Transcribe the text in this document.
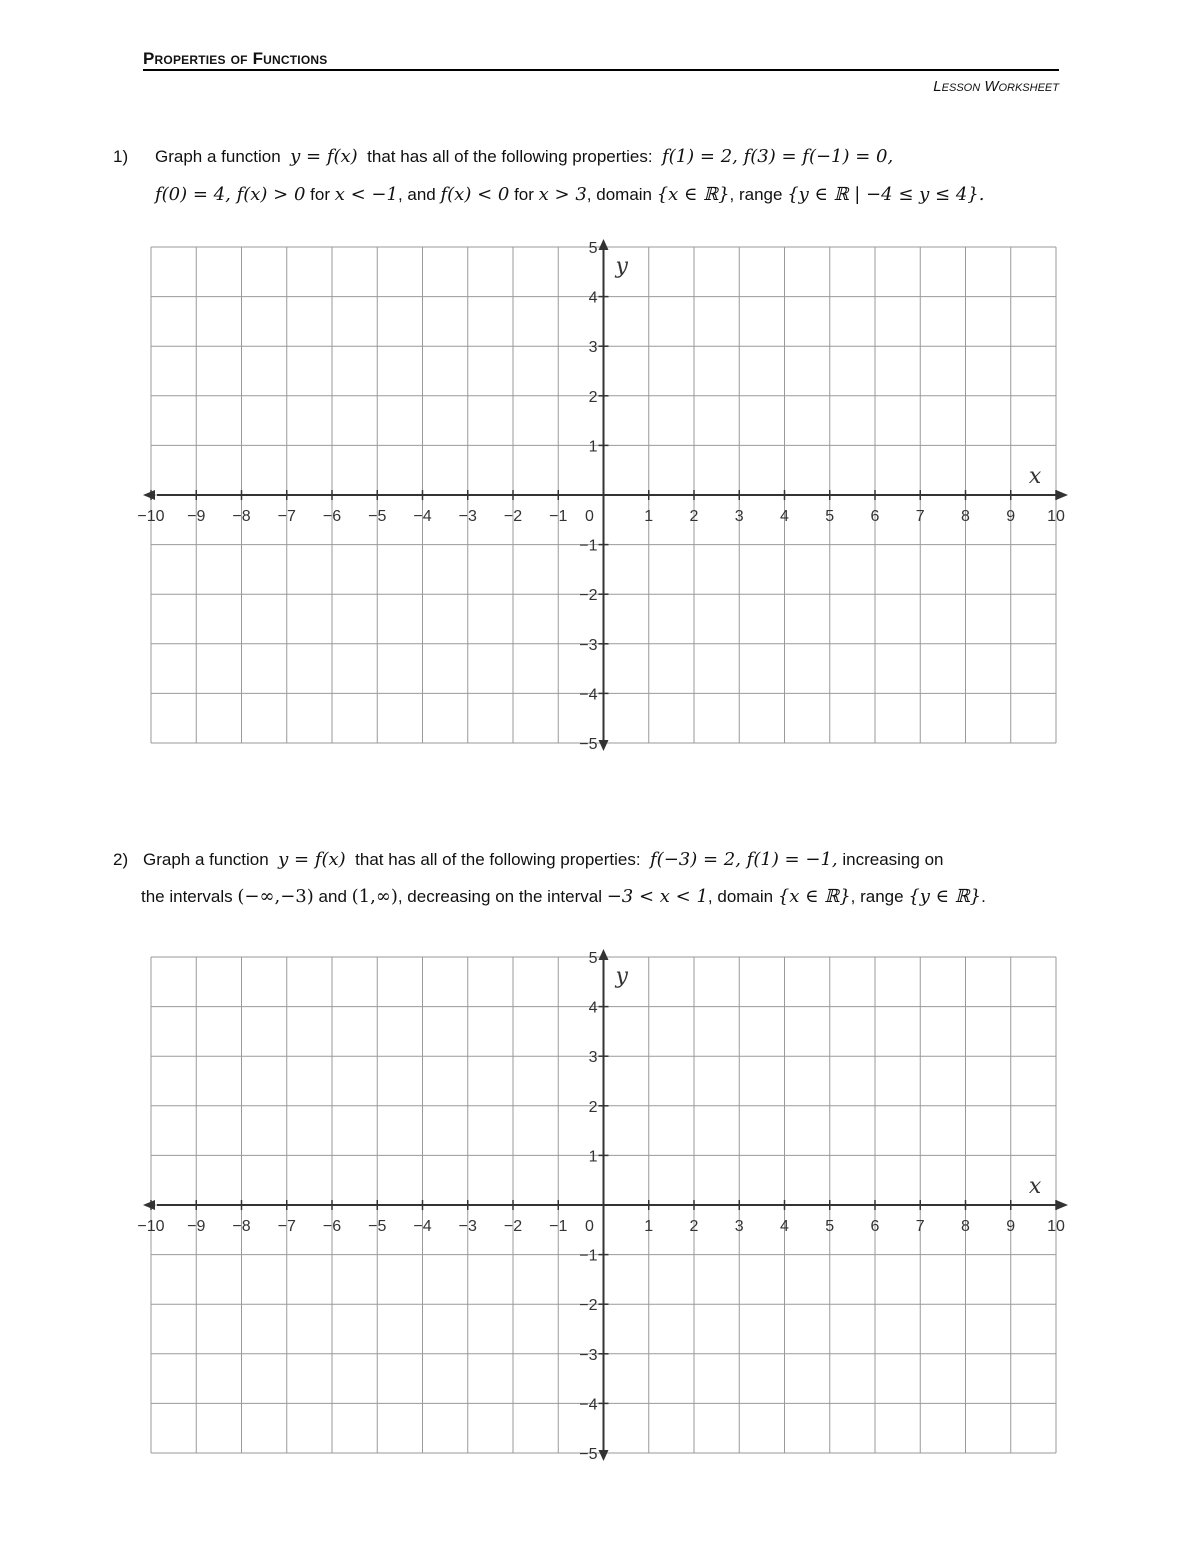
Properties of Functions
Lesson Worksheet
1) Graph a function y = f(x) that has all of the following properties: f(1) = 2, f(3) = f(−1) = 0,
f(0) = 4, f(x) > 0 for x < −1, and f(x) < 0 for x > 3, domain {x ∈ ℝ}, range {y ∈ ℝ | −4 ≤ y ≤ 4}.
−10 −9 −8 −7 −6 −5 −4 −3 −2 −1 0	1 2 3 4 5 6 7 8 9 10
5
4
3
2
1
−1
−2
−3
−4
−5
y
x
2) Graph a function y = f(x) that has all of the following properties: f(−3) = 2, f(1) = −1, increasing on
the intervals (−∞,−3) and (1,∞), decreasing on the interval −3 < x < 1, domain {x ∈ ℝ}, range {y ∈ ℝ}.
−10 −9 −8 −7 −6 −5 −4 −3 −2 −1 0	1 2 3 4 5 6 7 8 9 10
5
4
3
2
1
−1
−2
−3
−4
−5
y
x
